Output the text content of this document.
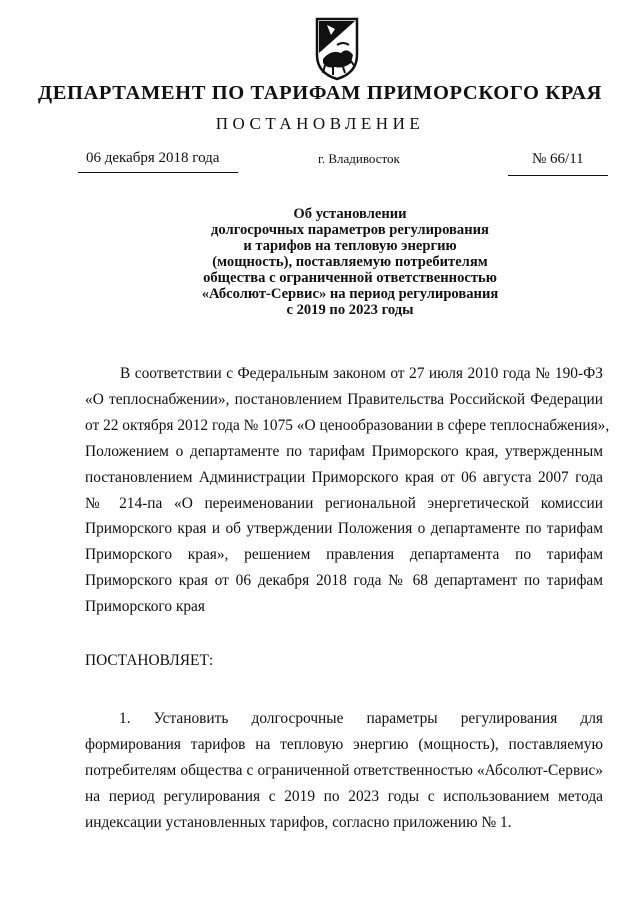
ДЕПАРТАМЕНТ ПО ТАРИФАМ ПРИМОРСКОГО КРАЯ
ПОСТАНОВЛЕНИЕ
06 декабря 2018 года	г. Владивосток	№ 66/11
Об установлении
долгосрочных параметров регулирования
и тарифов на тепловую энергию
(мощность), поставляемую потребителям
общества с ограниченной ответственностью
«Абсолют-Сервис» на период регулирования
с 2019 по 2023 годы
В соответствии с Федеральным законом от 27 июля 2010 года № 190-ФЗ
«О теплоснабжении», постановлением Правительства Российской Федерации
от 22 октября 2012 года № 1075 «О ценообразовании в сфере теплоснабжения»,
Положением о департаменте по тарифам Приморского края, утвержденным
постановлением Администрации Приморского края от 06 августа 2007 года
№ 214-па «О переименовании региональной энергетической комиссии
Приморского края и об утверждении Положения о департаменте по тарифам
Приморского края», решением правления департамента по тарифам
Приморского края от 06 декабря 2018 года № 68 департамент по тарифам
Приморского края
ПОСТАНОВЛЯЕТ:
1. Установить долгосрочные параметры регулирования для
формирования тарифов на тепловую энергию (мощность), поставляемую
потребителям общества с ограниченной ответственностью «Абсолют-Сервис»
на период регулирования с 2019 по 2023 годы с использованием метода
индексации установленных тарифов, согласно приложению № 1.
